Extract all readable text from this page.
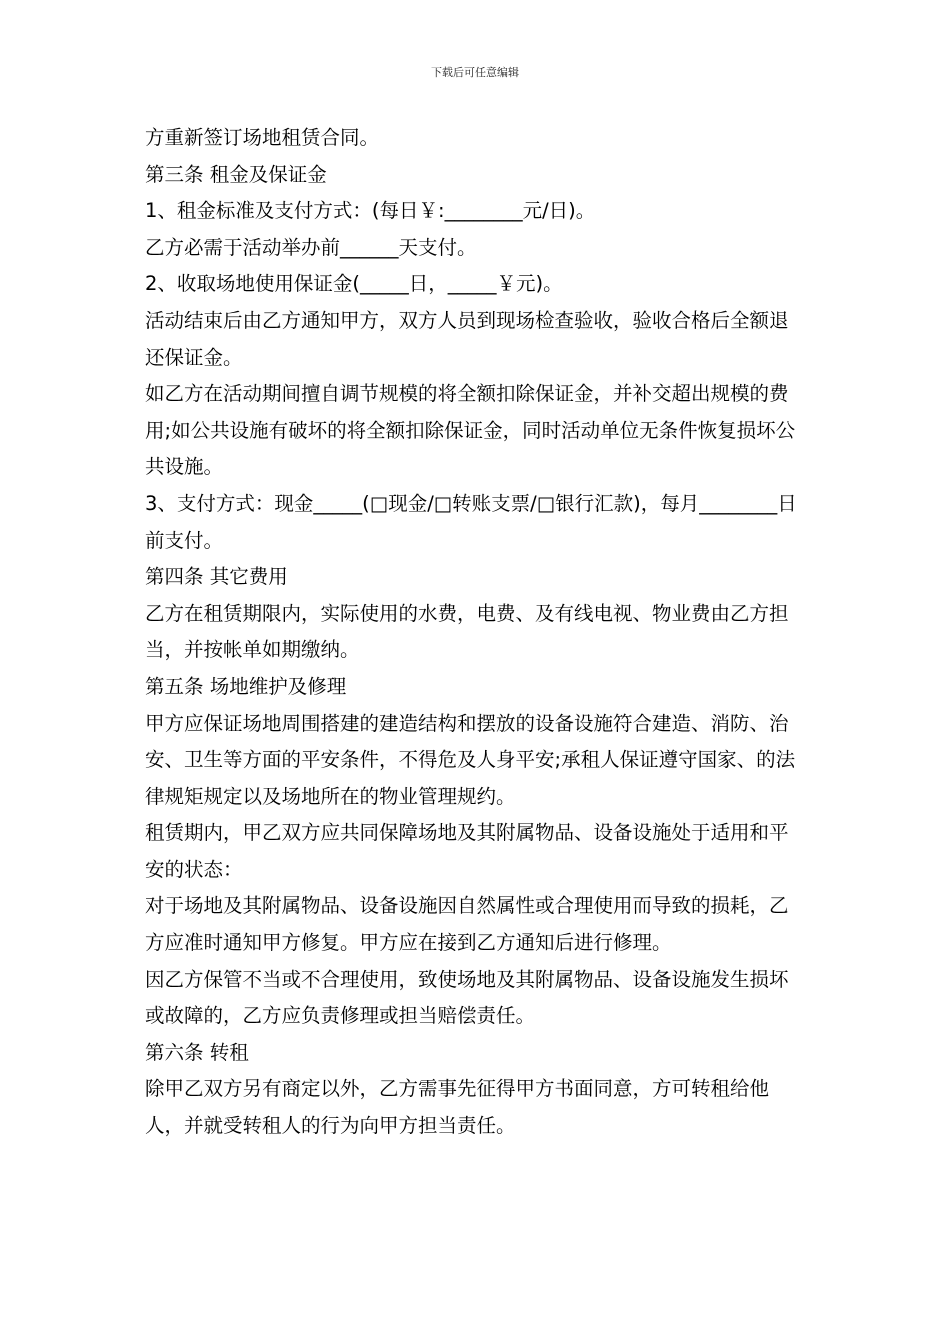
下载后可任意编辑

方重新签订场地租赁合同。

第三条 租金及保证金

1、租金标准及支付方式：(每日￥:________元/日)。

乙方必需于活动举办前______天支付。

2、收取场地使用保证金(_____日，_____￥元)。

活动结束后由乙方通知甲方，双方人员到现场检查验收，验收合格后全额退还保证金。

如乙方在活动期间擅自调节规模的将全额扣除保证金，并补交超出规模的费用;如公共设施有破坏的将全额扣除保证金，同时活动单位无条件恢复损坏公共设施。

3、支付方式：现金_____(□现金/□转账支票/□银行汇款)，每月________日前支付。

第四条 其它费用

乙方在租赁期限内，实际使用的水费，电费、及有线电视、物业费由乙方担当，并按帐单如期缴纳。

第五条 场地维护及修理

甲方应保证场地周围搭建的建造结构和摆放的设备设施符合建造、消防、治安、卫生等方面的平安条件，不得危及人身平安;承租人保证遵守国家、的法律规矩规定以及场地所在的物业管理规约。

租赁期内，甲乙双方应共同保障场地及其附属物品、设备设施处于适用和平安的状态：

对于场地及其附属物品、设备设施因自然属性或合理使用而导致的损耗，乙方应准时通知甲方修复。甲方应在接到乙方通知后进行修理。

因乙方保管不当或不合理使用，致使场地及其附属物品、设备设施发生损坏或故障的，乙方应负责修理或担当赔偿责任。

第六条 转租

除甲乙双方另有商定以外，乙方需事先征得甲方书面同意，方可转租给他人，并就受转租人的行为向甲方担当责任。
